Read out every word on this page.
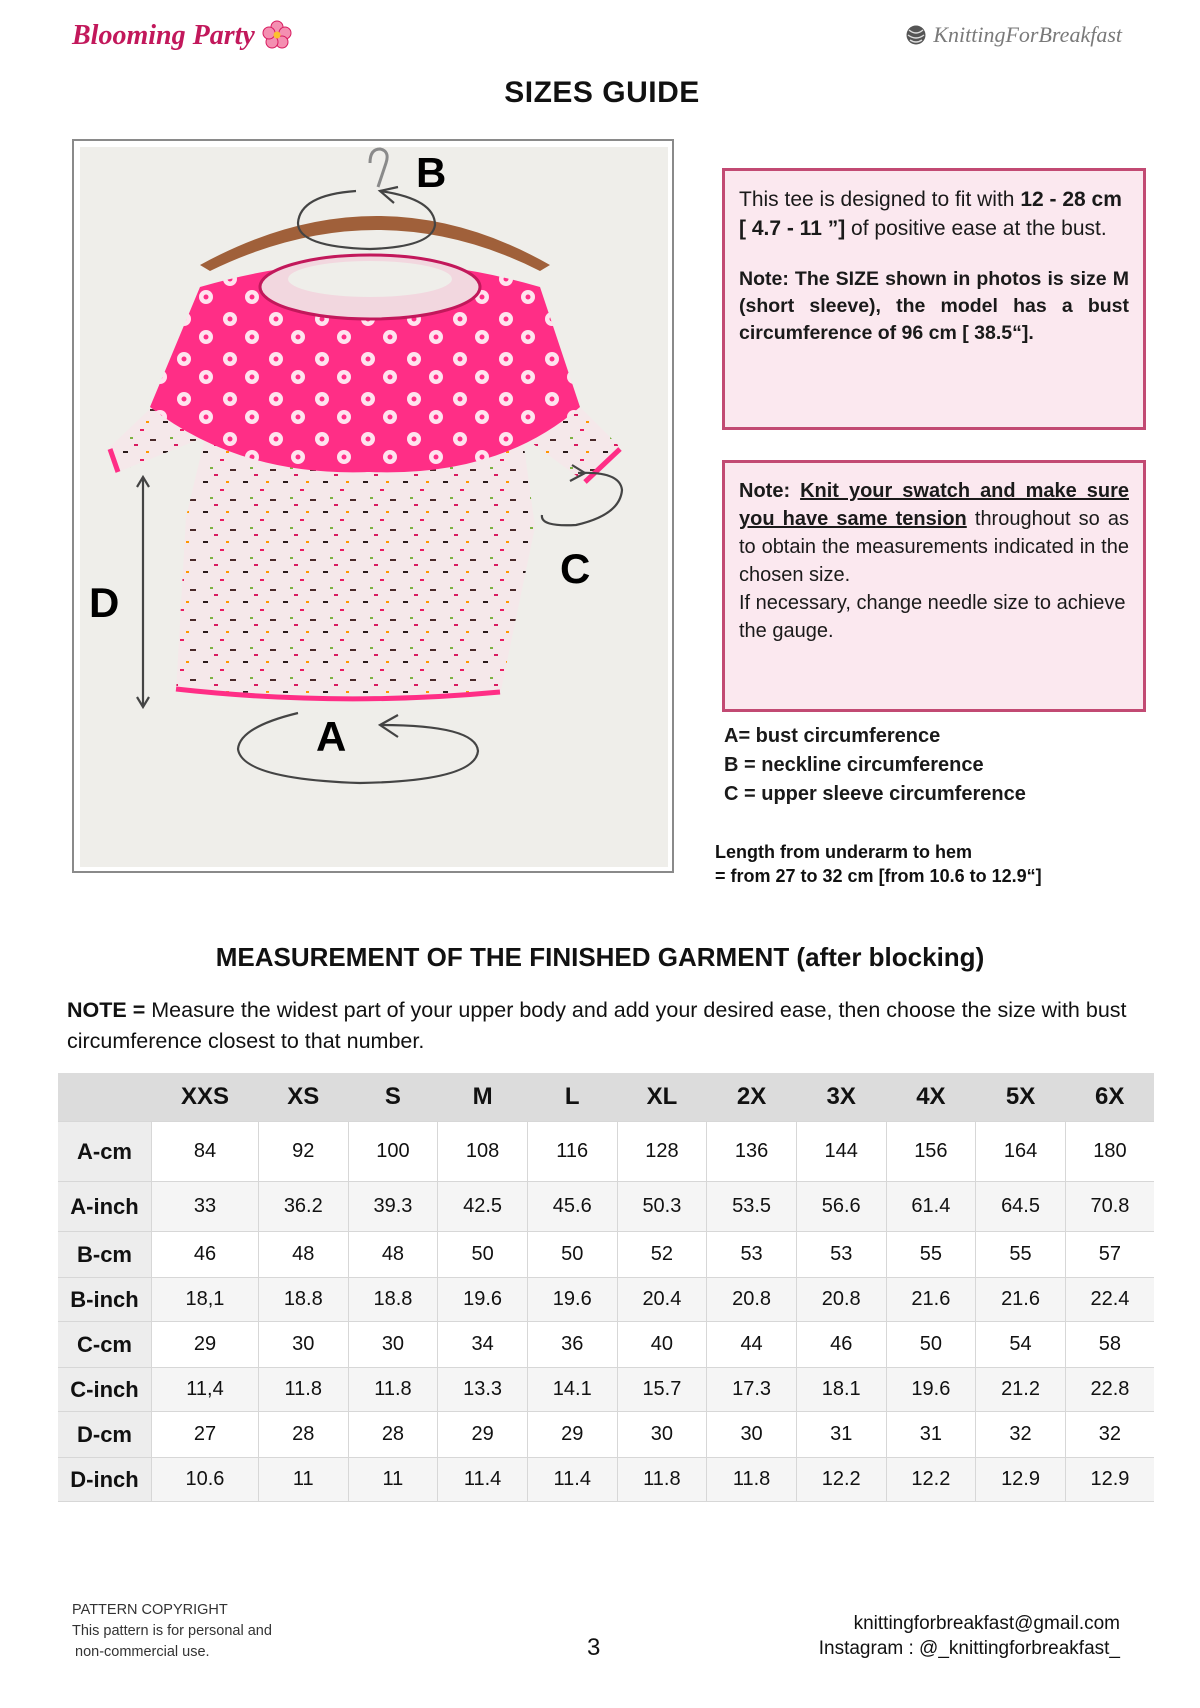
Blooming Party	KnittingForBreakfast
SIZES GUIDE
B
A
C
D
This tee is designed to fit with 12 - 28 cm [ 4.7 - 11 ”] of positive ease at the bust.
Note: The SIZE shown in photos is size M (short sleeve), the model has a bust circumference of 96 cm [ 38.5“].
Note: Knit your swatch and make sure you have same tension throughout so as to obtain the measurements indicated in the chosen size.
If necessary, change needle size to achieve the gauge.
A= bust circumference
B = neckline circumference
C = upper sleeve circumference
Length from underarm to hem
= from 27 to 32 cm [from 10.6 to 12.9“]
MEASUREMENT OF THE FINISHED GARMENT (after blocking)
NOTE = Measure the widest part of your upper body and add your desired ease, then choose the size with bust circumference closest to that number.
	XXS	XS	S	M	L	XL	2X	3X	4X	5X	6X
A-cm	84	92	100	108	116	128	136	144	156	164	180
A-inch	33	36.2	39.3	42.5	45.6	50.3	53.5	56.6	61.4	64.5	70.8
B-cm	46	48	48	50	50	52	53	53	55	55	57
B-inch	18,1	18.8	18.8	19.6	19.6	20.4	20.8	20.8	21.6	21.6	22.4
C-cm	29	30	30	34	36	40	44	46	50	54	58
C-inch	11,4	11.8	11.8	13.3	14.1	15.7	17.3	18.1	19.6	21.2	22.8
D-cm	27	28	28	29	29	30	30	31	31	32	32
D-inch	10.6	11	11	11.4	11.4	11.8	11.8	12.2	12.2	12.9	12.9
PATTERN COPYRIGHT
This pattern is for personal and
non-commercial use.	3
knittingforbreakfast@gmail.com
Instagram : @_knittingforbreakfast_
